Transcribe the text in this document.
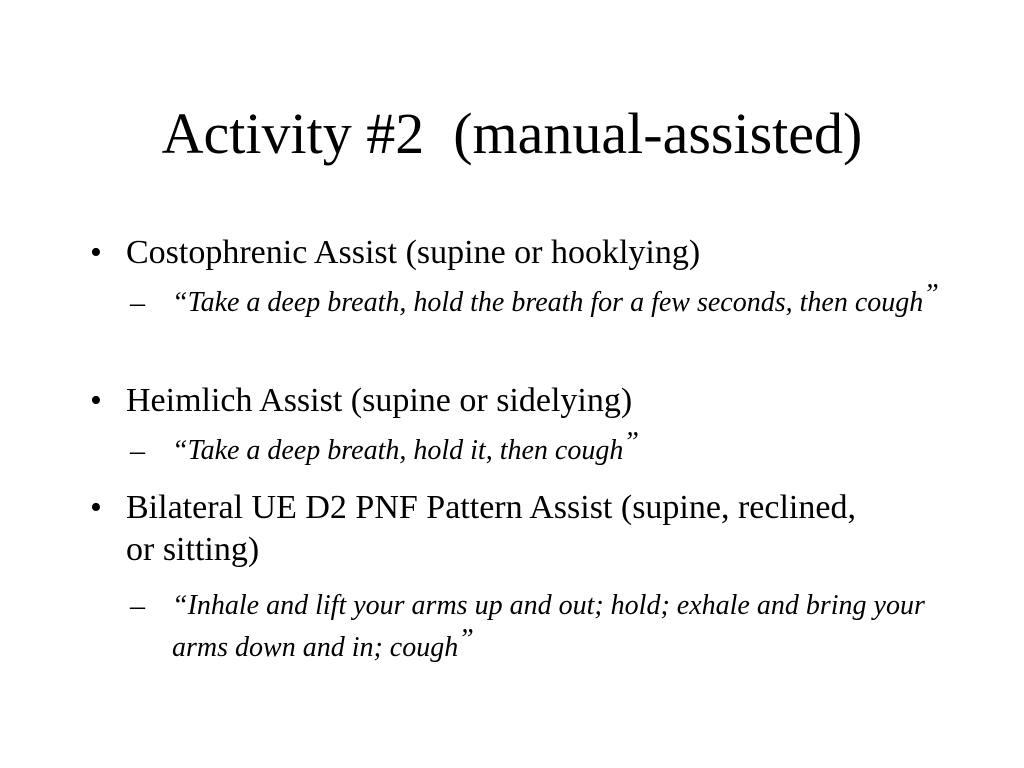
Activity #2  (manual-assisted)
• Costophrenic Assist (supine or hooklying)
– “Take a deep breath, hold the breath for a few seconds, then cough”
• Heimlich Assist (supine or sidelying)
– “Take a deep breath, hold it, then cough”
• Bilateral UE D2 PNF Pattern Assist (supine, reclined, or sitting)
– “Inhale and lift your arms up and out; hold; exhale and bring your arms down and in; cough”
